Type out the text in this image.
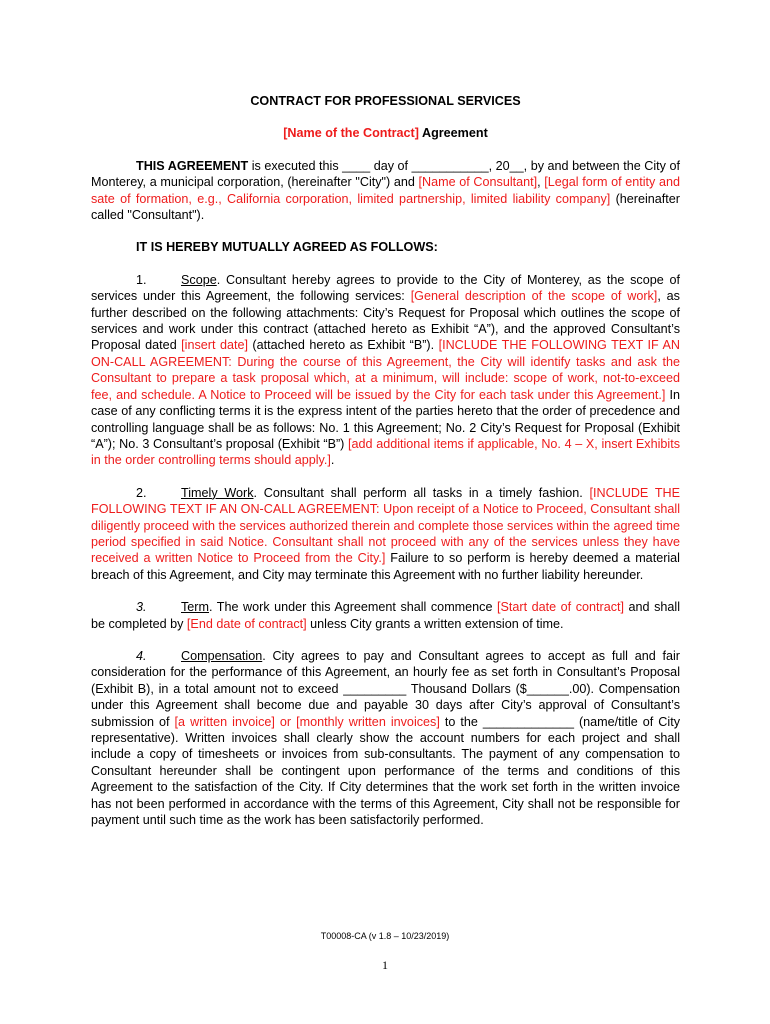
CONTRACT FOR PROFESSIONAL SERVICES

[Name of the Contract] Agreement

THIS AGREEMENT is executed this ____ day of ___________, 20__, by and between the City of Monterey, a municipal corporation, (hereinafter "City") and [Name of Consultant], [Legal form of entity and sate of formation, e.g., California corporation, limited partnership, limited liability company] (hereinafter called "Consultant").

IT IS HEREBY MUTUALLY AGREED AS FOLLOWS:

1.	Scope. Consultant hereby agrees to provide to the City of Monterey, as the scope of services under this Agreement, the following services: [General description of the scope of work], as further described on the following attachments: City’s Request for Proposal which outlines the scope of services and work under this contract (attached hereto as Exhibit “A”), and the approved Consultant’s Proposal dated [insert date] (attached hereto as Exhibit “B”). [INCLUDE THE FOLLOWING TEXT IF AN ON-CALL AGREEMENT: During the course of this Agreement, the City will identify tasks and ask the Consultant to prepare a task proposal which, at a minimum, will include: scope of work, not-to-exceed fee, and schedule. A Notice to Proceed will be issued by the City for each task under this Agreement.] In case of any conflicting terms it is the express intent of the parties hereto that the order of precedence and controlling language shall be as follows: No. 1 this Agreement; No. 2 City’s Request for Proposal (Exhibit “A”); No. 3 Consultant’s proposal (Exhibit “B”) [add additional items if applicable, No. 4 – X, insert Exhibits in the order controlling terms should apply.].

2.	Timely Work. Consultant shall perform all tasks in a timely fashion. [INCLUDE THE FOLLOWING TEXT IF AN ON-CALL AGREEMENT: Upon receipt of a Notice to Proceed, Consultant shall diligently proceed with the services authorized therein and complete those services within the agreed time period specified in said Notice. Consultant shall not proceed with any of the services unless they have received a written Notice to Proceed from the City.] Failure to so perform is hereby deemed a material breach of this Agreement, and City may terminate this Agreement with no further liability hereunder.

3.	Term. The work under this Agreement shall commence [Start date of contract] and shall be completed by [End date of contract] unless City grants a written extension of time.

4.	Compensation. City agrees to pay and Consultant agrees to accept as full and fair consideration for the performance of this Agreement, an hourly fee as set forth in Consultant’s Proposal (Exhibit B), in a total amount not to exceed _________ Thousand Dollars ($______.00). Compensation under this Agreement shall become due and payable 30 days after City’s approval of Consultant’s submission of [a written invoice] or [monthly written invoices] to the _____________ (name/title of City representative). Written invoices shall clearly show the account numbers for each project and shall include a copy of timesheets or invoices from sub-consultants. The payment of any compensation to Consultant hereunder shall be contingent upon performance of the terms and conditions of this Agreement to the satisfaction of the City. If City determines that the work set forth in the written invoice has not been performed in accordance with the terms of this Agreement, City shall not be responsible for payment until such time as the work has been satisfactorily performed.

T00008-CA (v 1.8 – 10/23/2019)
1
